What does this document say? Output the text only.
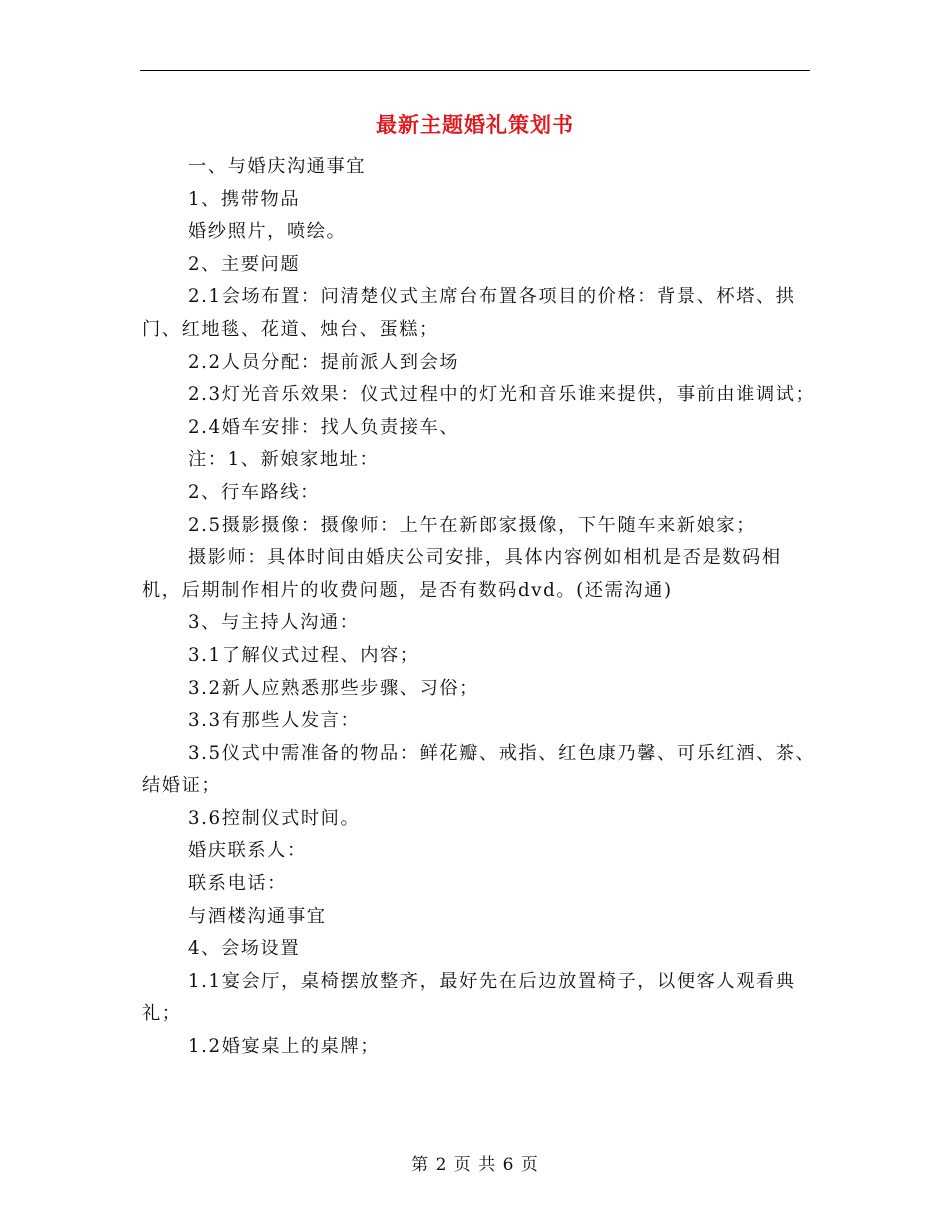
最新主题婚礼策划书

一、与婚庆沟通事宜

1、携带物品

婚纱照片，喷绘。

2、主要问题

2.1会场布置：问清楚仪式主席台布置各项目的价格：背景、杯塔、拱门、红地毯、花道、烛台、蛋糕；

2.2人员分配：提前派人到会场

2.3灯光音乐效果：仪式过程中的灯光和音乐谁来提供，事前由谁调试；

2.4婚车安排：找人负责接车、

注：1、新娘家地址：

2、行车路线：

2.5摄影摄像：摄像师：上午在新郎家摄像，下午随车来新娘家；

摄影师：具体时间由婚庆公司安排，具体内容例如相机是否是数码相机，后期制作相片的收费问题，是否有数码dvd。(还需沟通)

3、与主持人沟通：

3.1了解仪式过程、内容；

3.2新人应熟悉那些步骤、习俗；

3.3有那些人发言：

3.5仪式中需准备的物品：鲜花瓣、戒指、红色康乃馨、可乐红酒、茶、结婚证；

3.6控制仪式时间。

婚庆联系人：

联系电话：

与酒楼沟通事宜

4、会场设置

1.1宴会厅，桌椅摆放整齐，最好先在后边放置椅子，以便客人观看典礼；

1.2婚宴桌上的桌牌；

第 2 页 共 6 页
